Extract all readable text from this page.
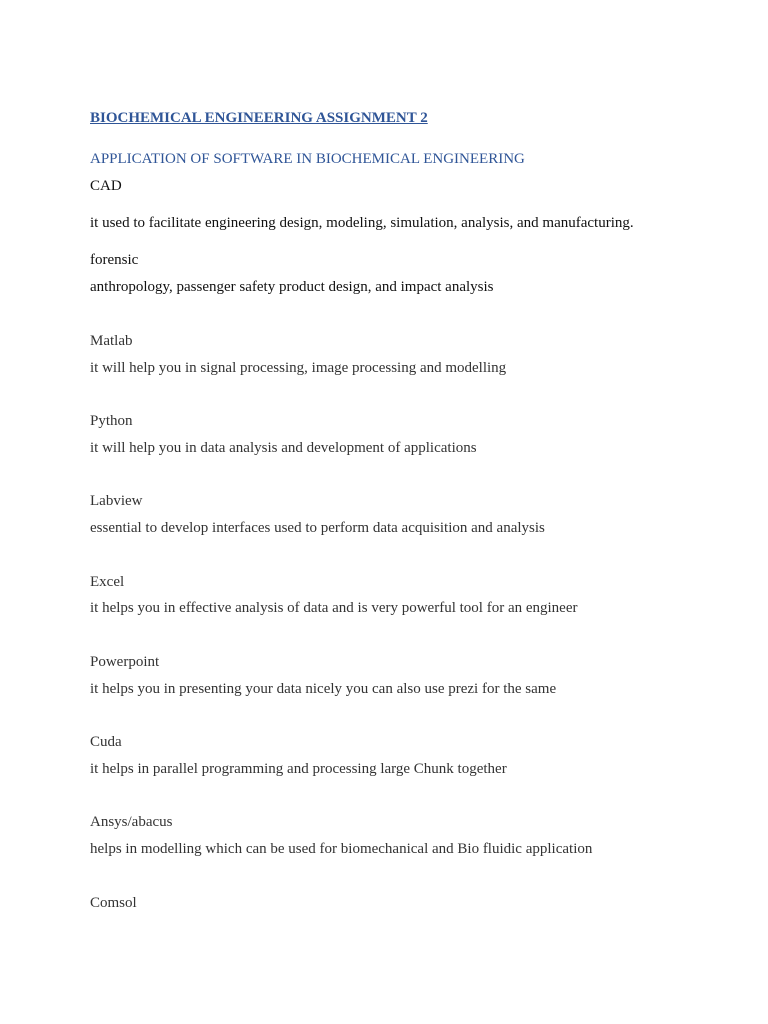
BIOCHEMICAL ENGINEERING ASSIGNMENT 2

APPLICATION OF SOFTWARE IN BIOCHEMICAL ENGINEERING

CAD

it used to facilitate engineering design, modeling, simulation, analysis, and manufacturing.

forensic

anthropology, passenger safety product design, and impact analysis

Matlab

it will help you in signal processing, image processing and modelling

Python

it will help you in data analysis and development of applications

Labview

essential to develop interfaces used to perform data acquisition and analysis

Excel

it helps you in effective analysis of data and is very powerful tool for an engineer

Powerpoint

it helps you in presenting your data nicely you can also use prezi for the same

Cuda

it helps in parallel programming and processing large Chunk together

Ansys/abacus

helps in modelling which can be used for biomechanical and Bio fluidic application

Comsol
